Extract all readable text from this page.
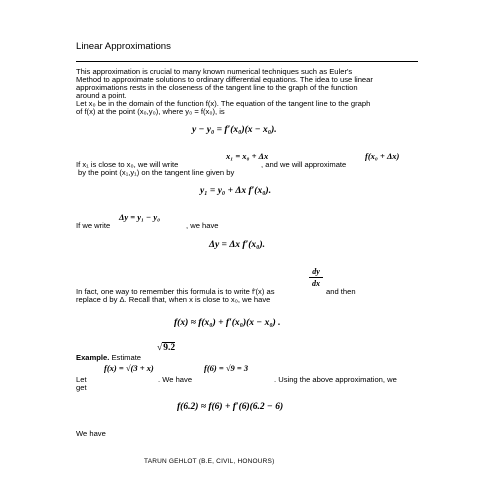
Linear Approximations
This approximation is crucial to many known numerical techniques such as Euler's
Method to approximate solutions to ordinary differential equations. The idea to use linear
approximations rests in the closeness of the tangent line to the graph of the function
around a point.
Let x₀ be in the domain of the function f(x). The equation of the tangent line to the graph
of f(x) at the point (x₀,y₀), where y₀ = f(x₀), is
y − y₀ = f′(x₀)(x − x₀).
x₁ = x₀ + Δx	f(x₀ + Δx)
If x₁ is close to x₀, we will write	, and we will approximate
by the point (x₁,y₁) on the tangent line given by
y₁ = y₀ + Δx f′(x₀).
Δy = y₁ − y₀
If we write	, we have
Δy = Δx f′(x₀).
dy
dx
In fact, one way to remember this formula is to write f′(x) as	and then
replace d by Δ. Recall that, when x is close to x₀, we have
f(x) ≈ f(x₀) + f′(x₀)(x − x₀) .
√9.2
Example. Estimate
f(x) = √(3 + x)	f(6) = √9 = 3
Let	. We have	. Using the above approximation, we
get
f(6.2) ≈ f(6) + f′(6)(6.2 − 6)
We have
TARUN GEHLOT (B.E, CIVIL, HONOURS)
